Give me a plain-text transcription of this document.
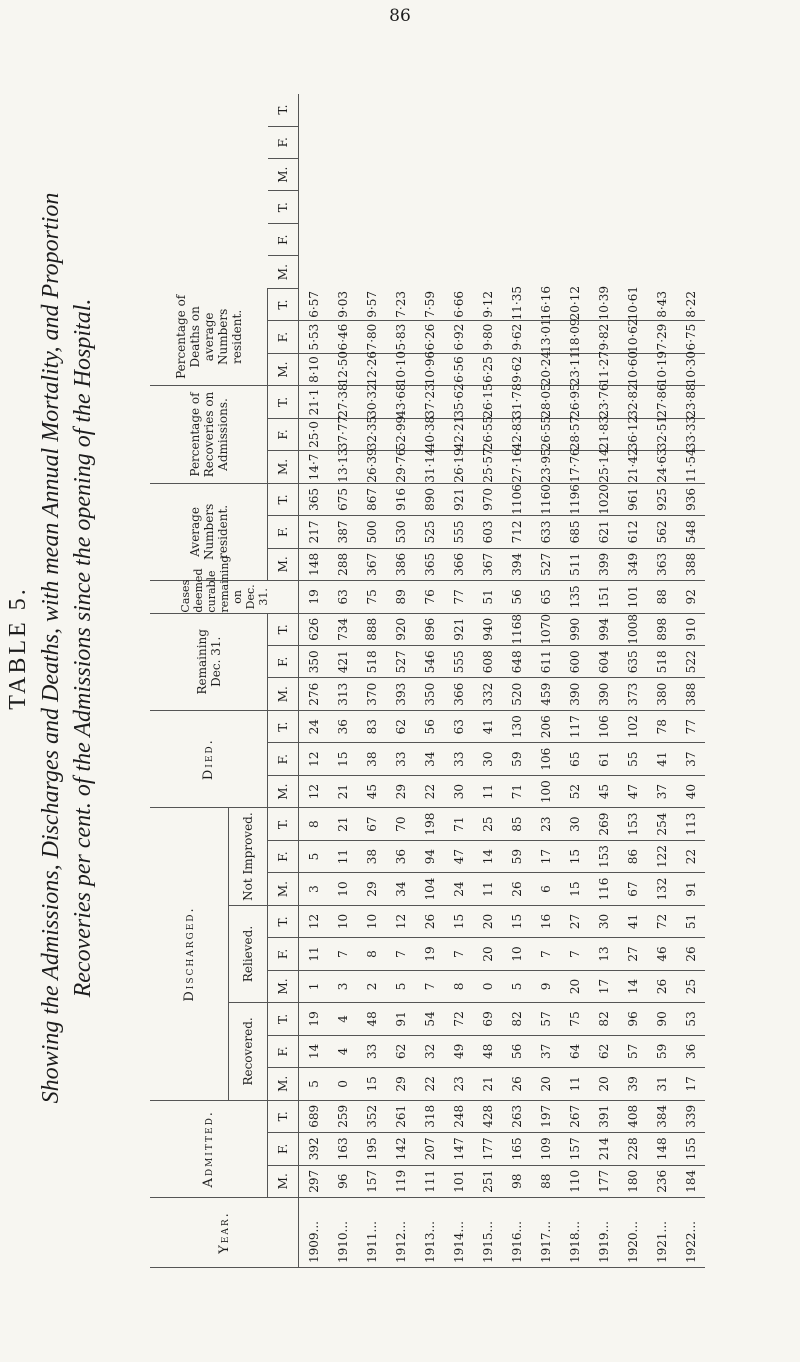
86
TABLE 5. Showing the Admissions, Discharges and Deaths, with mean Annual Mortality, and Proportion Recoveries per cent. of the Admissions since the opening of the Hospital.
Year.	Admitted.			Discharged.									Died.			Remaining Dec. 31.			Cases deemed curable remaining on Dec. 31.	Average Numbers resident.			Percentage of Recoveries on Admissions.			Percentage of Deaths on average Numbers resident.								
				Recovered.			Relieved.			Not Improved.																								
	M.	F.	T.	M.	F.	T.	M.	F.	T.	M.	F.	T.	M.	F.	T.	M.	F.	T.		M.	F.	T.	M.	F.	T.	M.	F.	T.	M.	F.	T.	M.	F.	T.
1909...	297	392	689	5	14	19	1	11	12	3	5	8	12	12	24	276	350	626	19	148	217	365	14·7	25·0	21·1	8·10	5·53	6·57						
1910...	96	163	259	0	4	4	3	7	10	10	11	21	21	15	36	313	421	734	63	288	387	675	13·13	37·77	27·38	12·50	6·46	9·03						
1911...	157	195	352	15	33	48	2	8	10	29	38	67	45	38	83	370	518	888	75	367	500	867	26·39	32·35	30·32	12·26	7·80	9·57						
1912...	119	142	261	29	62	91	5	7	12	34	36	70	29	33	62	393	527	920	89	386	530	916	29·76	52·99	43·68	10·10	5·83	7·23						
1913...	111	207	318	22	32	54	7	19	26	104	94	198	22	34	56	350	546	896	76	365	525	890	31·14	40·38	37·23	10·96	6·26	7·59						
1914...	101	147	248	23	49	72	8	7	15	24	47	71	30	33	63	366	555	921	77	366	555	921	26·19	42·21	35·62	6·56	6·92	6·66						
1915...	251	177	428	21	48	69	0	20	20	11	14	25	11	30	41	332	608	940	51	367	603	970	25·57	26·55	26·15	6·25	9·80	9·12						
1916...	98	165	263	26	56	82	5	10	15	26	59	85	71	59	130	520	648	1168	56	394	712	1106	27·16	42·83	31·78	9·62	9·62	11·35						
1917...	88	109	197	20	37	57	9	7	16	6	17	23	100	106	206	459	611	1070	65	527	633	1160	23·95	26·55	28·05	20·24	13·01	16·16						
1918...	110	157	267	11	64	75	20	7	27	15	15	30	52	65	117	390	600	990	135	511	685	1196	17·76	28·57	26·95	23·11	18·09	20·12						
1919...	177	214	391	20	62	82	17	13	30	116	153	269	45	61	106	390	604	994	151	399	621	1020	25·14	21·83	23·76	11·27	9·82	10·39						
1920...	180	228	408	39	57	96	14	27	41	67	86	153	47	55	102	373	635	1008	101	349	612	961	21·42	36·12	32·82	10·60	10·62	10·61						
1921...	236	148	384	31	59	90	26	46	72	132	122	254	37	41	78	380	518	898	88	363	562	925	24·63	32·51	27·86	10·19	7·29	8·43						
1922...	184	155	339	17	36	53	25	26	51	91	22	113	40	37	77	388	522	910	92	388	548	936	11·54	33·33	23·88	10·30	6·75	8·22						
